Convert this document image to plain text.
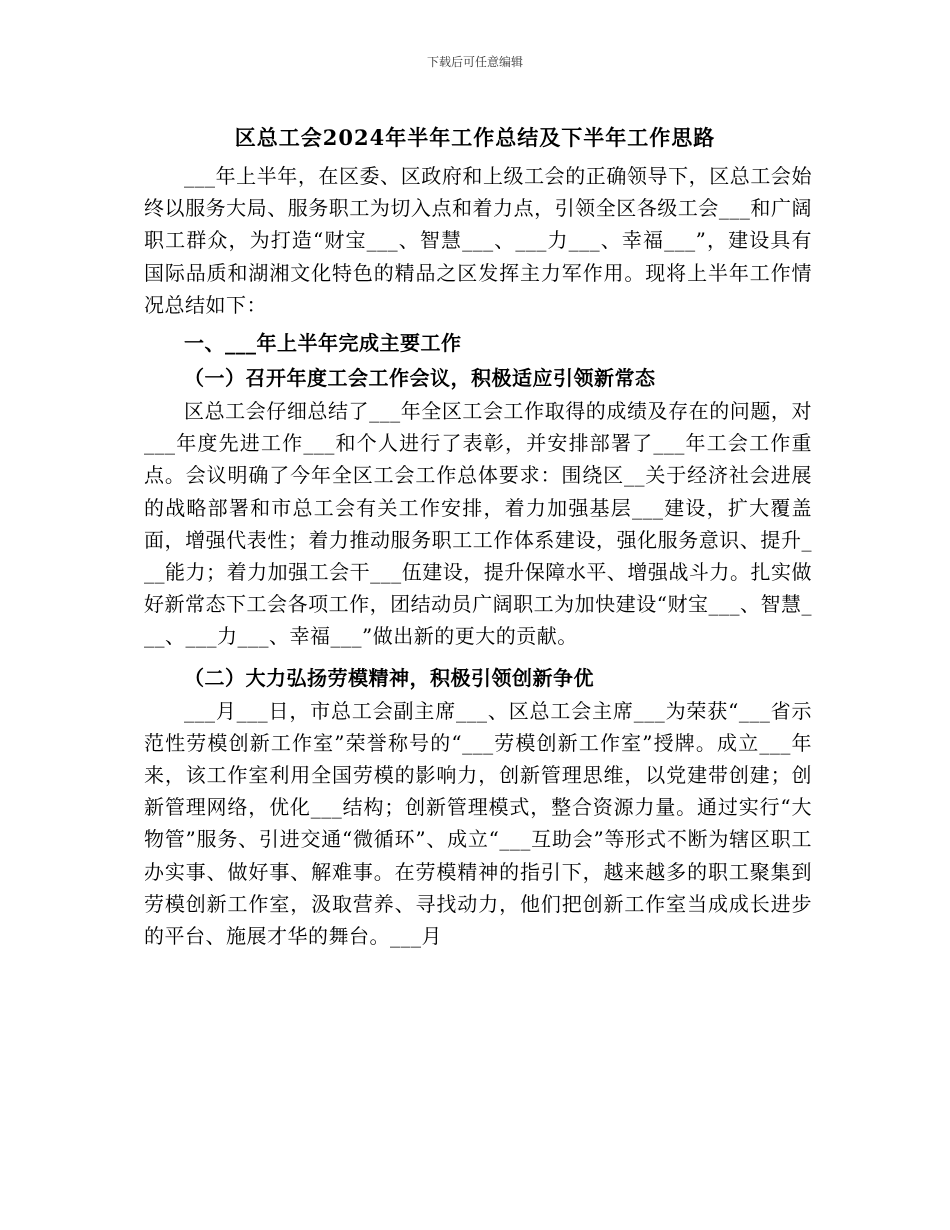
下载后可任意编辑
区总工会2024年半年工作总结及下半年工作思路

___年上半年，在区委、区政府和上级工会的正确领导下，区总工会始终以服务大局、服务职工为切入点和着力点，引领全区各级工会___和广阔职工群众，为打造“财宝___、智慧___、___力___、幸福___”，建设具有国际品质和湖湘文化特色的精品之区发挥主力军作用。现将上半年工作情况总结如下：

一、___年上半年完成主要工作

（一）召开年度工会工作会议，积极适应引领新常态

区总工会仔细总结了___年全区工会工作取得的成绩及存在的问题，对___年度先进工作___和个人进行了表彰，并安排部署了___年工会工作重点。会议明确了今年全区工会工作总体要求：围绕区__关于经济社会进展的战略部署和市总工会有关工作安排，着力加强基层___建设，扩大覆盖面，增强代表性；着力推动服务职工工作体系建设，强化服务意识、提升___能力；着力加强工会干___伍建设，提升保障水平、增强战斗力。扎实做好新常态下工会各项工作，团结动员广阔职工为加快建设“财宝___、智慧___、___力___、幸福___”做出新的更大的贡献。

（二）大力弘扬劳模精神，积极引领创新争优

___月___日，市总工会副主席___、区总工会主席___为荣获“___省示范性劳模创新工作室”荣誉称号的“___劳模创新工作室”授牌。成立___年来，该工作室利用全国劳模的影响力，创新管理思维，以党建带创建；创新管理网络，优化___结构；创新管理模式，整合资源力量。通过实行“大物管”服务、引进交通“微循环”、成立“___互助会”等形式不断为辖区职工办实事、做好事、解难事。在劳模精神的指引下，越来越多的职工聚集到劳模创新工作室，汲取营养、寻找动力，他们把创新工作室当成成长进步的平台、施展才华的舞台。___月
